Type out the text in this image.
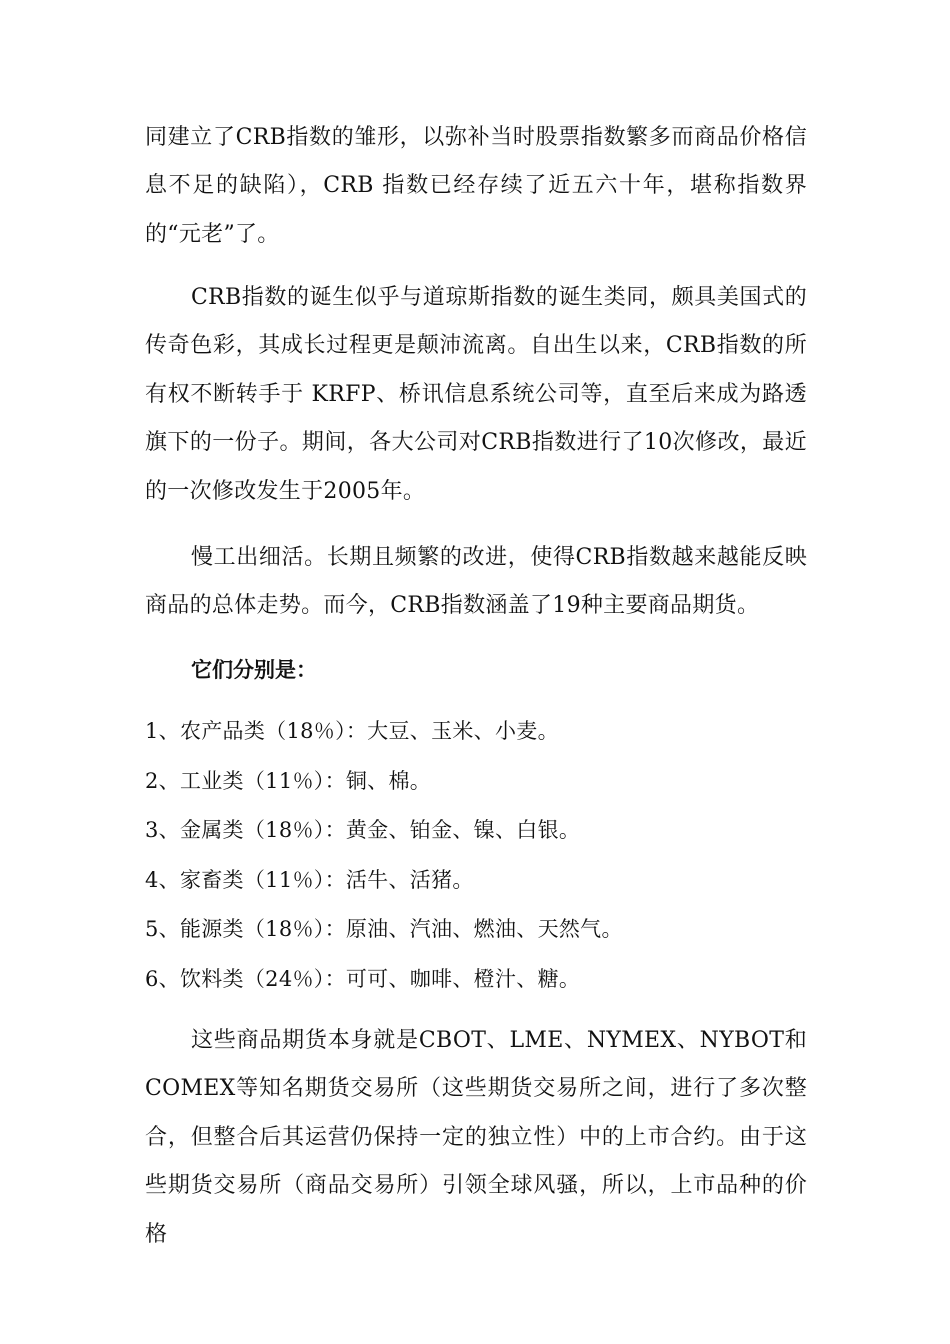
同建立了CRB指数的雏形，以弥补当时股票指数繁多而商品价格信息不足的缺陷），CRB 指数已经存续了近五六十年，堪称指数界的“元老”了。

CRB指数的诞生似乎与道琼斯指数的诞生类同，颇具美国式的传奇色彩，其成长过程更是颠沛流离。自出生以来，CRB指数的所有权不断转手于 KRFP、桥讯信息系统公司等，直至后来成为路透旗下的一份子。期间，各大公司对CRB指数进行了10次修改，最近的一次修改发生于2005年。

慢工出细活。长期且频繁的改进，使得CRB指数越来越能反映商品的总体走势。而今，CRB指数涵盖了19种主要商品期货。

它们分别是：

1、农产品类（18％）：大豆、玉米、小麦。
2、工业类（11％）：铜、棉。
3、金属类（18％）：黄金、铂金、镍、白银。
4、家畜类（11％）：活牛、活猪。
5、能源类（18％）：原油、汽油、燃油、天然气。
6、饮料类（24％）：可可、咖啡、橙汁、糖。

这些商品期货本身就是CBOT、LME、NYMEX、NYBOT和COMEX等知名期货交易所（这些期货交易所之间，进行了多次整合，但整合后其运营仍保持一定的独立性）中的上市合约。由于这些期货交易所（商品交易所）引领全球风骚，所以，上市品种的价格
